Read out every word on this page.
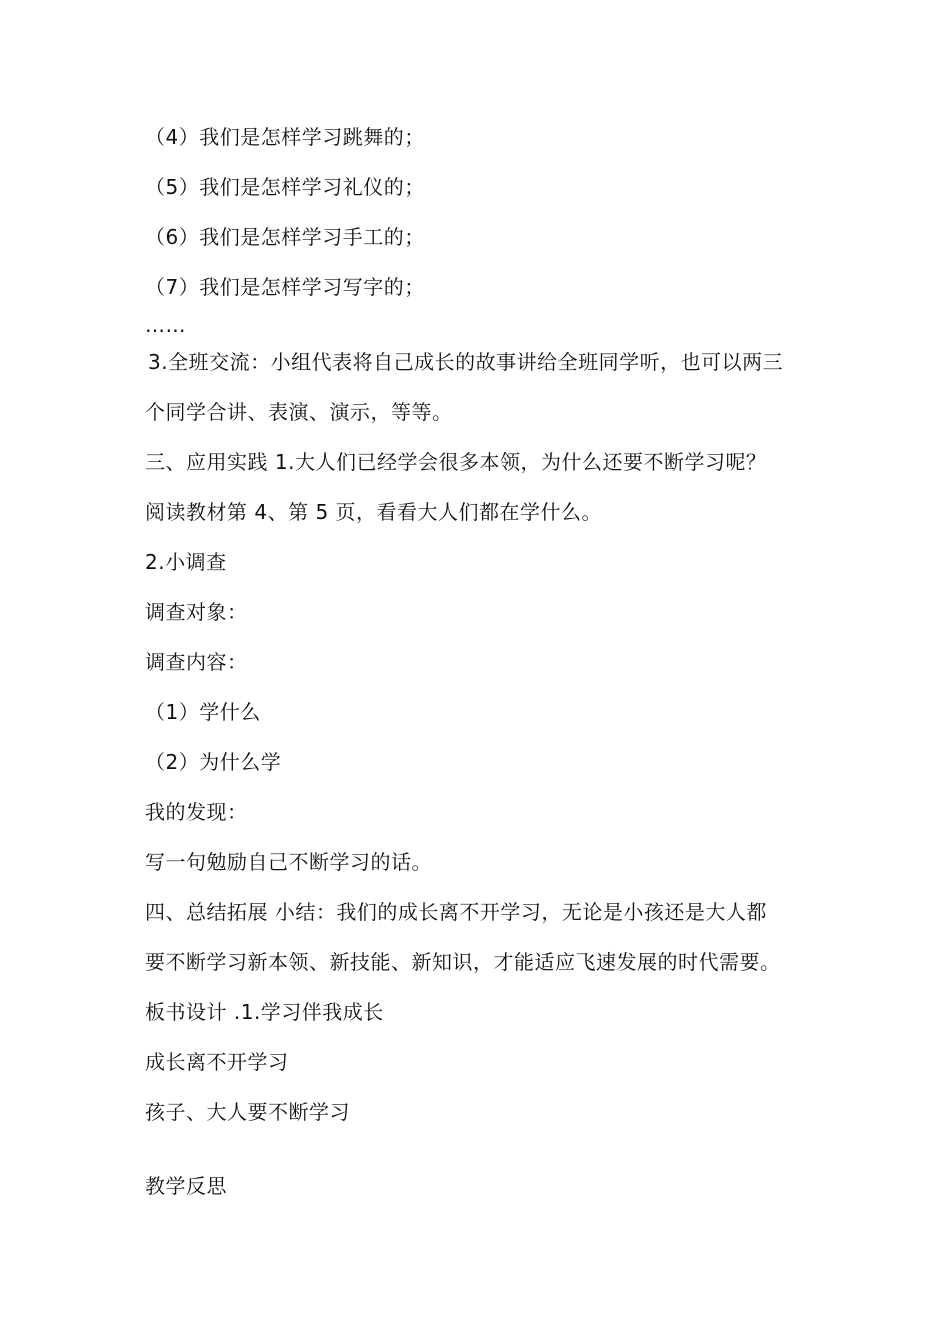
（4）我们是怎样学习跳舞的；
（5）我们是怎样学习礼仪的；
（6）我们是怎样学习手工的；
（7）我们是怎样学习写字的；
……
3.全班交流：小组代表将自己成长的故事讲给全班同学听，也可以两三
个同学合讲、表演、演示，等等。
三、应用实践 1.大人们已经学会很多本领，为什么还要不断学习呢？
阅读教材第 4、第 5 页，看看大人们都在学什么。
2.小调查
调查对象：
调查内容：
（1）学什么
（2）为什么学
我的发现：
写一句勉励自己不断学习的话。
四、总结拓展 小结：我们的成长离不开学习，无论是小孩还是大人都
要不断学习新本领、新技能、新知识，才能适应飞速发展的时代需要。
板书设计 .1.学习伴我成长
成长离不开学习
孩子、大人要不断学习
教学反思
